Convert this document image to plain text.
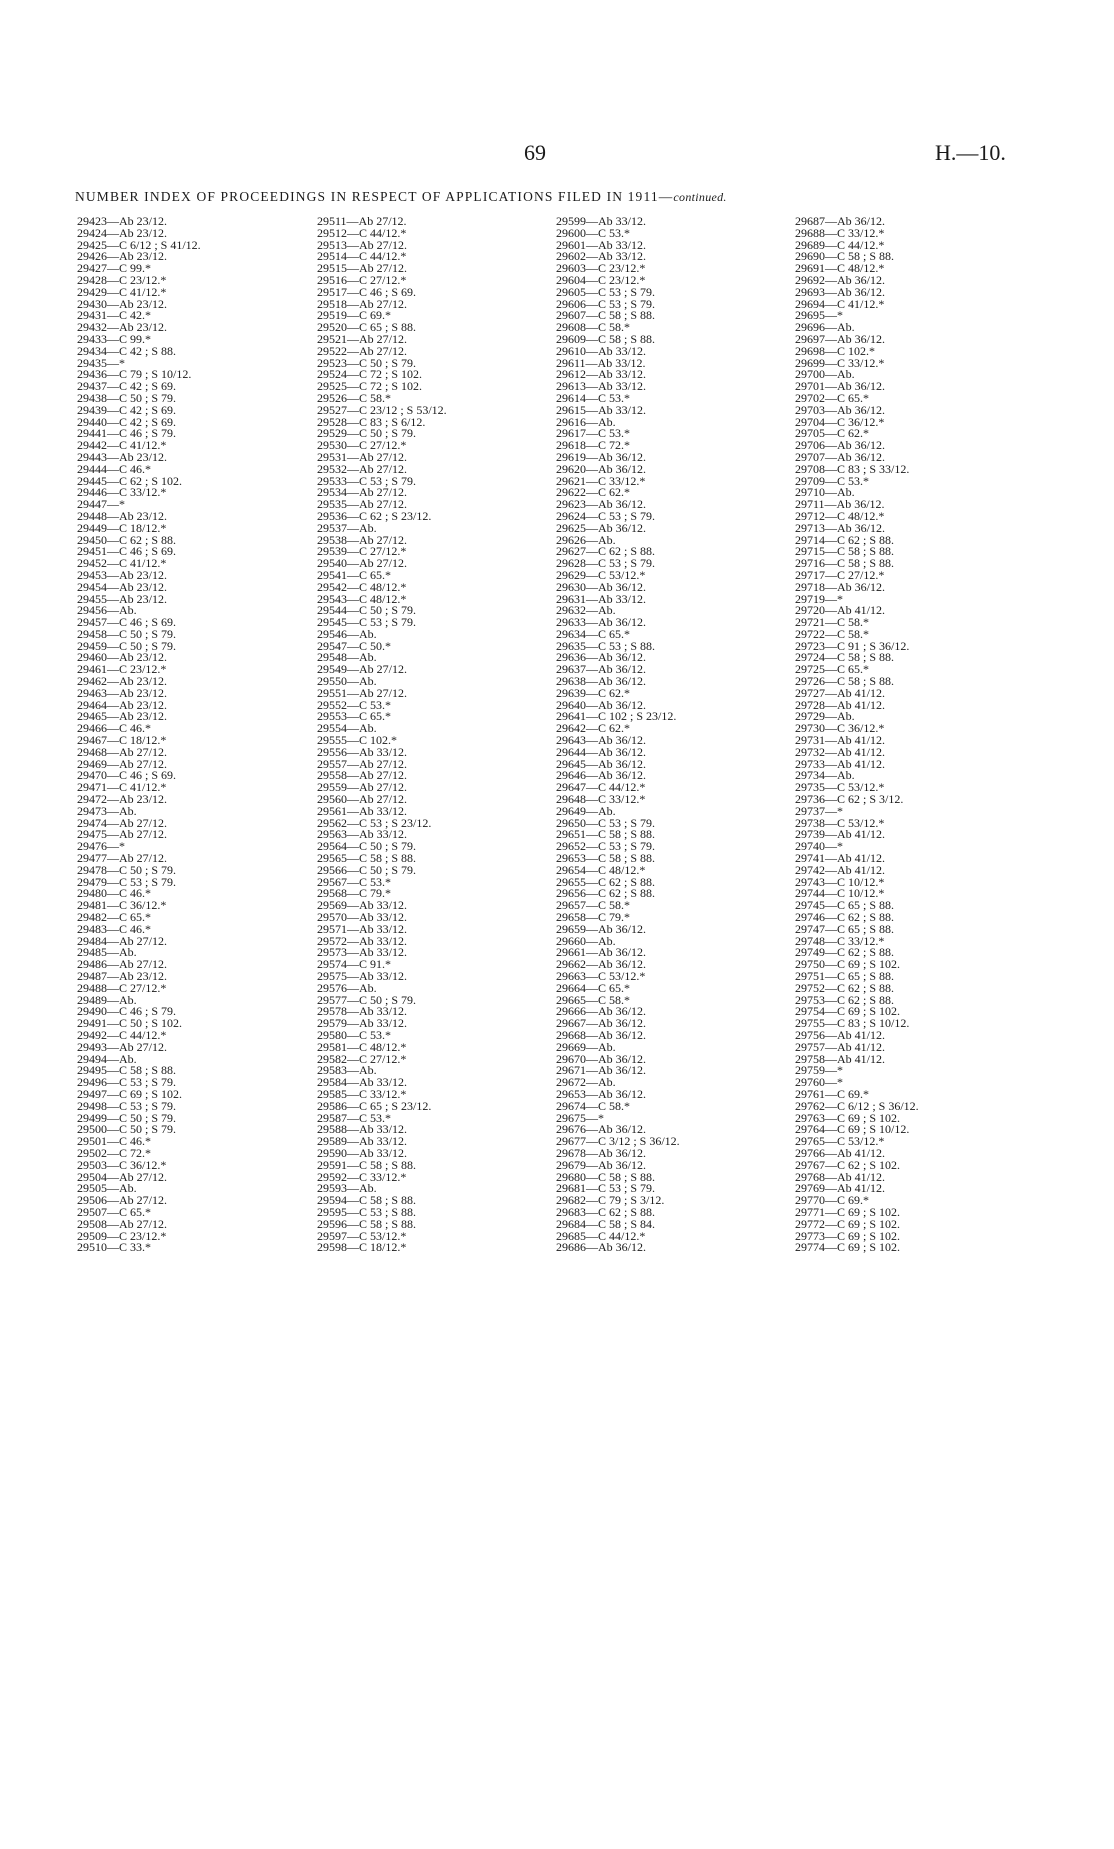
69	H.—10.
NUMBER INDEX OF PROCEEDINGS IN RESPECT OF APPLICATIONS FILED IN 1911—continued.
29423—Ab 23/12.
29424—Ab 23/12.
29425—C 6/12 ; S 41/12.
29426—Ab 23/12.
29427—C 99.*
29428—C 23/12.*
29429—C 41/12.*
29430—Ab 23/12.
29431—C 42.*
29432—Ab 23/12.
29433—C 99.*
29434—C 42 ; S 88.
29435—*
29436—C 79 ; S 10/12.
29437—C 42 ; S 69.
29438—C 50 ; S 79.
29439—C 42 ; S 69.
29440—C 42 ; S 69.
29441—C 46 ; S 79.
29442—C 41/12.*
29443—Ab 23/12.
29444—C 46.*
29445—C 62 ; S 102.
29446—C 33/12.*
29447—*
29448—Ab 23/12.
29449—C 18/12.*
29450—C 62 ; S 88.
29451—C 46 ; S 69.
29452—C 41/12.*
29453—Ab 23/12.
29454—Ab 23/12.
29455—Ab 23/12.
29456—Ab.
29457—C 46 ; S 69.
29458—C 50 ; S 79.
29459—C 50 ; S 79.
29460—Ab 23/12.
29461—C 23/12.*
29462—Ab 23/12.
29463—Ab 23/12.
29464—Ab 23/12.
29465—Ab 23/12.
29466—C 46.*
29467—C 18/12.*
29468—Ab 27/12.
29469—Ab 27/12.
29470—C 46 ; S 69.
29471—C 41/12.*
29472—Ab 23/12.
29473—Ab.
29474—Ab 27/12.
29475—Ab 27/12.
29476—*
29477—Ab 27/12.
29478—C 50 ; S 79.
29479—C 53 ; S 79.
29480—C 46.*
29481—C 36/12.*
29482—C 65.*
29483—C 46.*
29484—Ab 27/12.
29485—Ab.
29486—Ab 27/12.
29487—Ab 23/12.
29488—C 27/12.*
29489—Ab.
29490—C 46 ; S 79.
29491—C 50 ; S 102.
29492—C 44/12.*
29493—Ab 27/12.
29494—Ab.
29495—C 58 ; S 88.
29496—C 53 ; S 79.
29497—C 69 ; S 102.
29498—C 53 ; S 79.
29499—C 50 ; S 79.
29500—C 50 ; S 79.
29501—C 46.*
29502—C 72.*
29503—C 36/12.*
29504—Ab 27/12.
29505—Ab.
29506—Ab 27/12.
29507—C 65.*
29508—Ab 27/12.
29509—C 23/12.*
29510—C 33.*
29511—Ab 27/12.
29512—C 44/12.*
29513—Ab 27/12.
29514—C 44/12.*
29515—Ab 27/12.
29516—C 27/12.*
29517—C 46 ; S 69.
29518—Ab 27/12.
29519—C 69.*
29520—C 65 ; S 88.
29521—Ab 27/12.
29522—Ab 27/12.
29523—C 50 ; S 79.
29524—C 72 ; S 102.
29525—C 72 ; S 102.
29526—C 58.*
29527—C 23/12 ; S 53/12.
29528—C 83 ; S 6/12.
29529—C 50 ; S 79.
29530—C 27/12.*
29531—Ab 27/12.
29532—Ab 27/12.
29533—C 53 ; S 79.
29534—Ab 27/12.
29535—Ab 27/12.
29536—C 62 ; S 23/12.
29537—Ab.
29538—Ab 27/12.
29539—C 27/12.*
29540—Ab 27/12.
29541—C 65.*
29542—C 48/12.*
29543—C 48/12.*
29544—C 50 ; S 79.
29545—C 53 ; S 79.
29546—Ab.
29547—C 50.*
29548—Ab.
29549—Ab 27/12.
29550—Ab.
29551—Ab 27/12.
29552—C 53.*
29553—C 65.*
29554—Ab.
29555—C 102.*
29556—Ab 33/12.
29557—Ab 27/12.
29558—Ab 27/12.
29559—Ab 27/12.
29560—Ab 27/12.
29561—Ab 33/12.
29562—C 53 ; S 23/12.
29563—Ab 33/12.
29564—C 50 ; S 79.
29565—C 58 ; S 88.
29566—C 50 ; S 79.
29567—C 53.*
29568—C 79.*
29569—Ab 33/12.
29570—Ab 33/12.
29571—Ab 33/12.
29572—Ab 33/12.
29573—Ab 33/12.
29574—C 91.*
29575—Ab 33/12.
29576—Ab.
29577—C 50 ; S 79.
29578—Ab 33/12.
29579—Ab 33/12.
29580—C 53.*
29581—C 48/12.*
29582—C 27/12.*
29583—Ab.
29584—Ab 33/12.
29585—C 33/12.*
29586—C 65 ; S 23/12.
29587—C 53.*
29588—Ab 33/12.
29589—Ab 33/12.
29590—Ab 33/12.
29591—C 58 ; S 88.
29592—C 33/12.*
29593—Ab.
29594—C 58 ; S 88.
29595—C 53 ; S 88.
29596—C 58 ; S 88.
29597—C 53/12.*
29598—C 18/12.*
29599—Ab 33/12.
29600—C 53.*
29601—Ab 33/12.
29602—Ab 33/12.
29603—C 23/12.*
29604—C 23/12.*
29605—C 53 ; S 79.
29606—C 53 ; S 79.
29607—C 58 ; S 88.
29608—C 58.*
29609—C 58 ; S 88.
29610—Ab 33/12.
29611—Ab 33/12.
29612—Ab 33/12.
29613—Ab 33/12.
29614—C 53.*
29615—Ab 33/12.
29616—Ab.
29617—C 53.*
29618—C 72.*
29619—Ab 36/12.
29620—Ab 36/12.
29621—C 33/12.*
29622—C 62.*
29623—Ab 36/12.
29624—C 53 ; S 79.
29625—Ab 36/12.
29626—Ab.
29627—C 62 ; S 88.
29628—C 53 ; S 79.
29629—C 53/12.*
29630—Ab 36/12.
29631—Ab 33/12.
29632—Ab.
29633—Ab 36/12.
29634—C 65.*
29635—C 53 ; S 88.
29636—Ab 36/12.
29637—Ab 36/12.
29638—Ab 36/12.
29639—C 62.*
29640—Ab 36/12.
29641—C 102 ; S 23/12.
29642—C 62.*
29643—Ab 36/12.
29644—Ab 36/12.
29645—Ab 36/12.
29646—Ab 36/12.
29647—C 44/12.*
29648—C 33/12.*
29649—Ab.
29650—C 53 ; S 79.
29651—C 58 ; S 88.
29652—C 53 ; S 79.
29653—C 58 ; S 88.
29654—C 48/12.*
29655—C 62 ; S 88.
29656—C 62 ; S 88.
29657—C 58.*
29658—C 79.*
29659—Ab 36/12.
29660—Ab.
29661—Ab 36/12.
29662—Ab 36/12.
29663—C 53/12.*
29664—C 65.*
29665—C 58.*
29666—Ab 36/12.
29667—Ab 36/12.
29668—Ab 36/12.
29669—Ab.
29670—Ab 36/12.
29671—Ab 36/12.
29672—Ab.
29653—Ab 36/12.
29674—C 58.*
29675—*
29676—Ab 36/12.
29677—C 3/12 ; S 36/12.
29678—Ab 36/12.
29679—Ab 36/12.
29680—C 58 ; S 88.
29681—C 53 ; S 79.
29682—C 79 ; S 3/12.
29683—C 62 ; S 88.
29684—C 58 ; S 84.
29685—C 44/12.*
29686—Ab 36/12.
29687—Ab 36/12.
29688—C 33/12.*
29689—C 44/12.*
29690—C 58 ; S 88.
29691—C 48/12.*
29692—Ab 36/12.
29693—Ab 36/12.
29694—C 41/12.*
29695—*
29696—Ab.
29697—Ab 36/12.
29698—C 102.*
29699—C 33/12.*
29700—Ab.
29701—Ab 36/12.
29702—C 65.*
29703—Ab 36/12.
29704—C 36/12.*
29705—C 62.*
29706—Ab 36/12.
29707—Ab 36/12.
29708—C 83 ; S 33/12.
29709—C 53.*
29710—Ab.
29711—Ab 36/12.
29712—C 48/12.*
29713—Ab 36/12.
29714—C 62 ; S 88.
29715—C 58 ; S 88.
29716—C 58 ; S 88.
29717—C 27/12.*
29718—Ab 36/12.
29719—*
29720—Ab 41/12.
29721—C 58.*
29722—C 58.*
29723—C 91 ; S 36/12.
29724—C 58 ; S 88.
29725—C 65.*
29726—C 58 ; S 88.
29727—Ab 41/12.
29728—Ab 41/12.
29729—Ab.
29730—C 36/12.*
29731—Ab 41/12.
29732—Ab 41/12.
29733—Ab 41/12.
29734—Ab.
29735—C 53/12.*
29736—C 62 ; S 3/12.
29737—*
29738—C 53/12.*
29739—Ab 41/12.
29740—*
29741—Ab 41/12.
29742—Ab 41/12.
29743—C 10/12.*
29744—C 10/12.*
29745—C 65 ; S 88.
29746—C 62 ; S 88.
29747—C 65 ; S 88.
29748—C 33/12.*
29749—C 62 ; S 88.
29750—C 69 ; S 102.
29751—C 65 ; S 88.
29752—C 62 ; S 88.
29753—C 62 ; S 88.
29754—C 69 ; S 102.
29755—C 83 ; S 10/12.
29756—Ab 41/12.
29757—Ab 41/12.
29758—Ab 41/12.
29759—*
29760—*
29761—C 69.*
29762—C 6/12 ; S 36/12.
29763—C 69 ; S 102.
29764—C 69 ; S 10/12.
29765—C 53/12.*
29766—Ab 41/12.
29767—C 62 ; S 102.
29768—Ab 41/12.
29769—Ab 41/12.
29770—C 69.*
29771—C 69 ; S 102.
29772—C 69 ; S 102.
29773—C 69 ; S 102.
29774—C 69 ; S 102.
